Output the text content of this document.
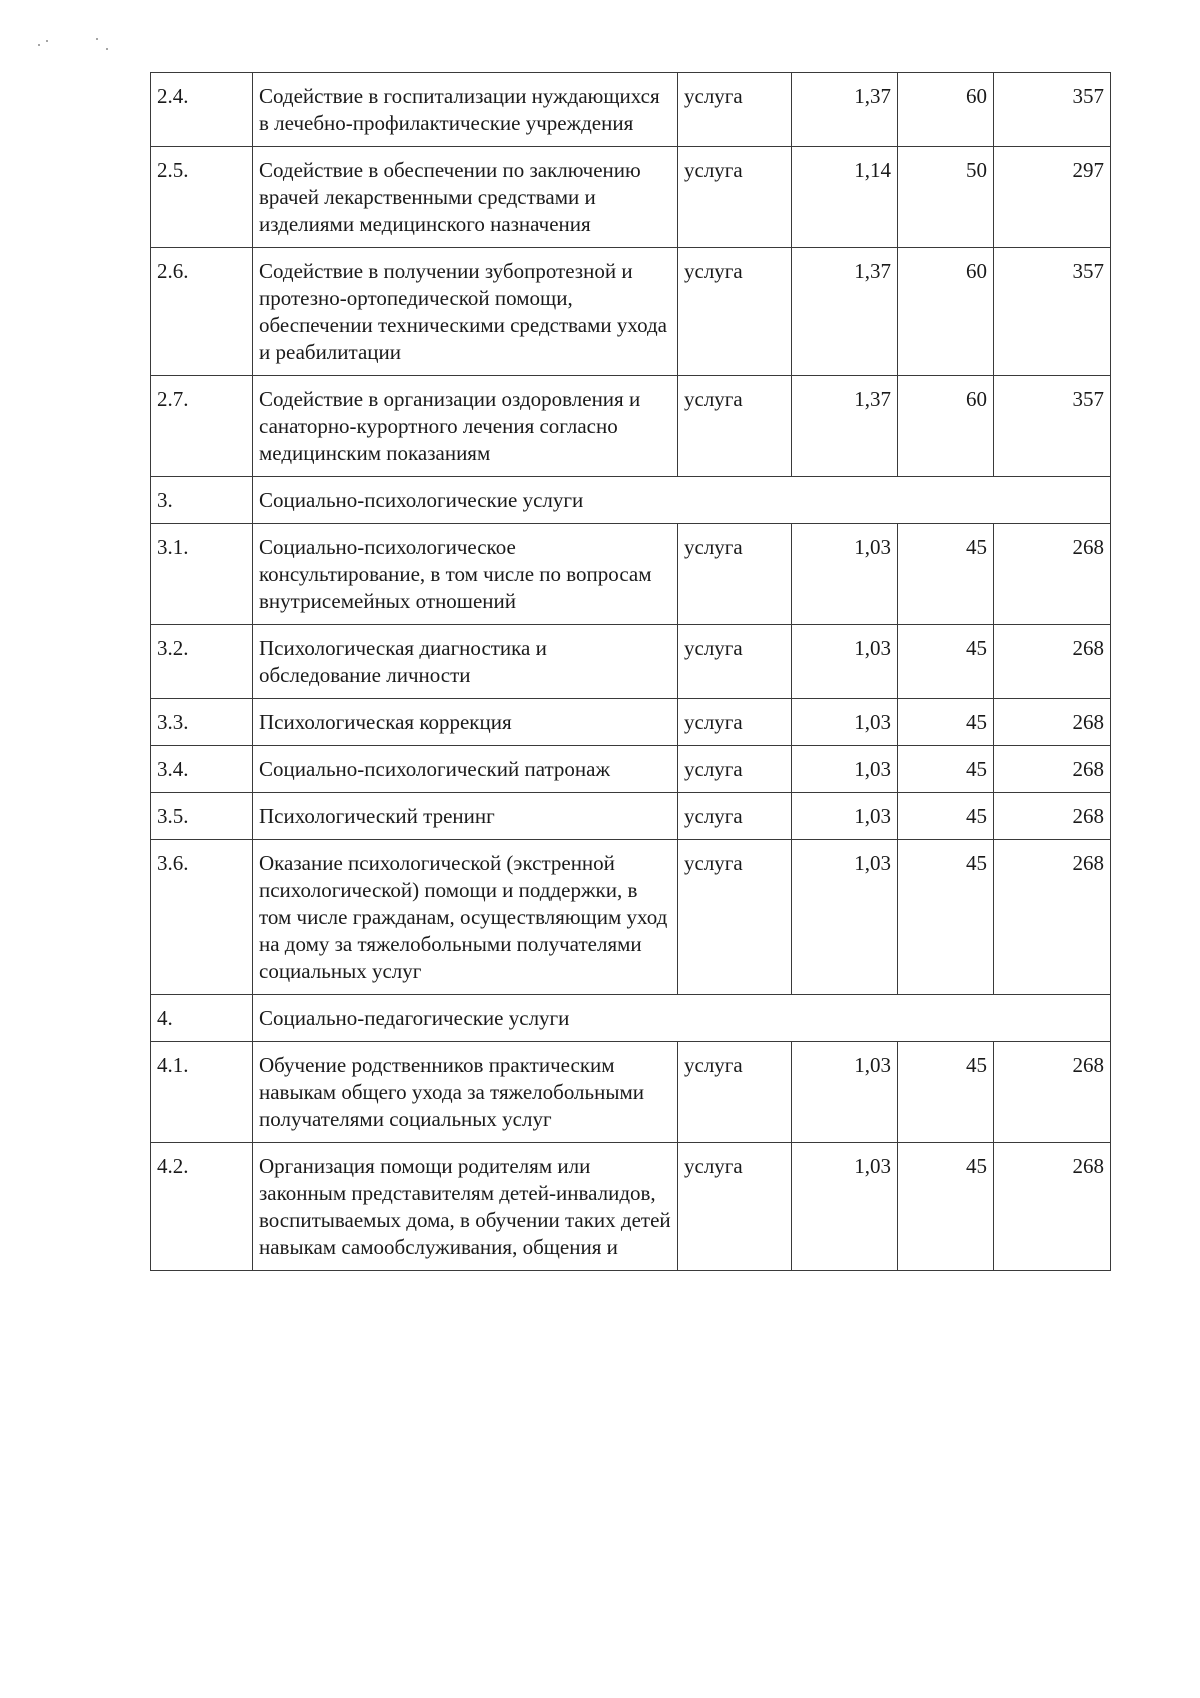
2.4.	Содействие в госпитализации нуждающихся в лечебно-профилактические учреждения	услуга	1,37	60	357
2.5.	Содействие в обеспечении по заключению врачей лекарственными средствами и изделиями медицинского назначения	услуга	1,14	50	297
2.6.	Содействие в получении зубопротезной и протезно-ортопедической помощи, обеспечении техническими средствами ухода и реабилитации	услуга	1,37	60	357
2.7.	Содействие в организации оздоровления и санаторно-курортного лечения согласно медицинским показаниям	услуга	1,37	60	357
3.	Социально-психологические услуги				
3.1.	Социально-психологическое консультирование, в том числе по вопросам внутрисемейных отношений	услуга	1,03	45	268
3.2.	Психологическая диагностика и обследование личности	услуга	1,03	45	268
3.3.	Психологическая коррекция	услуга	1,03	45	268
3.4.	Социально-психологический патронаж	услуга	1,03	45	268
3.5.	Психологический тренинг	услуга	1,03	45	268
3.6.	Оказание психологической (экстренной психологической) помощи и поддержки, в том числе гражданам, осуществляющим уход на дому за тяжелобольными получателями социальных услуг	услуга	1,03	45	268
4.	Социально-педагогические услуги				
4.1.	Обучение родственников практическим навыкам общего ухода за тяжелобольными получателями социальных услуг	услуга	1,03	45	268
4.2.	Организация помощи родителям или законным представителям детей-инвалидов, воспитываемых дома, в обучении таких детей навыкам самообслуживания, общения и	услуга	1,03	45	268
